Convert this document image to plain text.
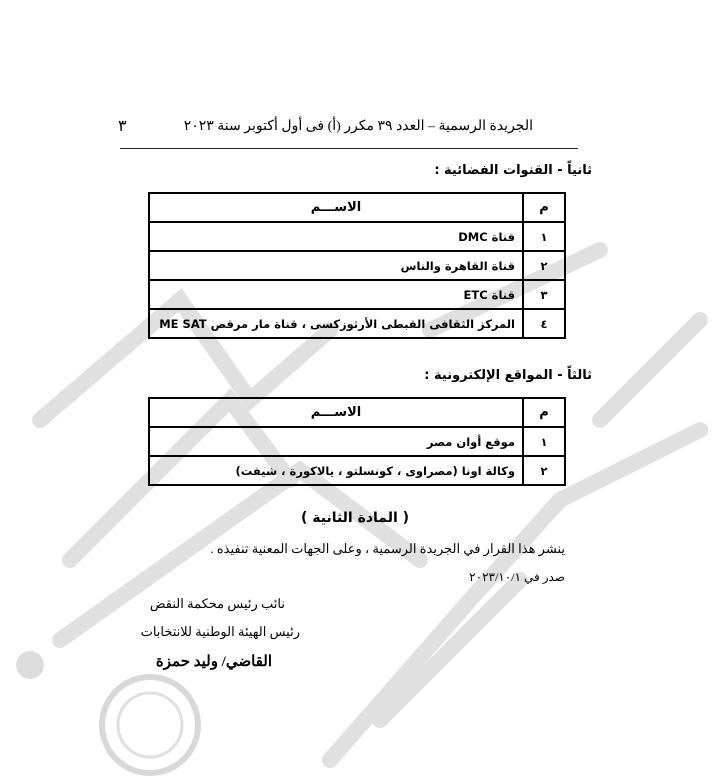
الجريدة الرسمية – العدد ٣٩ مكرر (أ) فى أول أكتوبر سنة ٢٠٢٣
٣
ثانياً - القنوات الفضائية :
م	الاســـم
١	قناة DMC
٢	قناة القاهرة والناس
٣	قناة ETC
٤	المركز الثقافى القبطى الأرثوزكسى ، قناة مار مرقص ME SAT
ثالثاً - المواقع الإلكترونية :
م	الاســـم
١	موقع أوان مصر
٢	وكالة اونا (مصراوى ، كونسلتو ، يالاكورة ، شيفت)
( المادة الثانية )
ينشر هذا القرار في الجريدة الرسمية ، وعلى الجهات المعنية تنفيذه .
صدر في ٢٠٢٣/١٠/١
نائب رئيس محكمة النقض
رئيس الهيئة الوطنية للانتخابات
القاضي/ وليد حمزة
